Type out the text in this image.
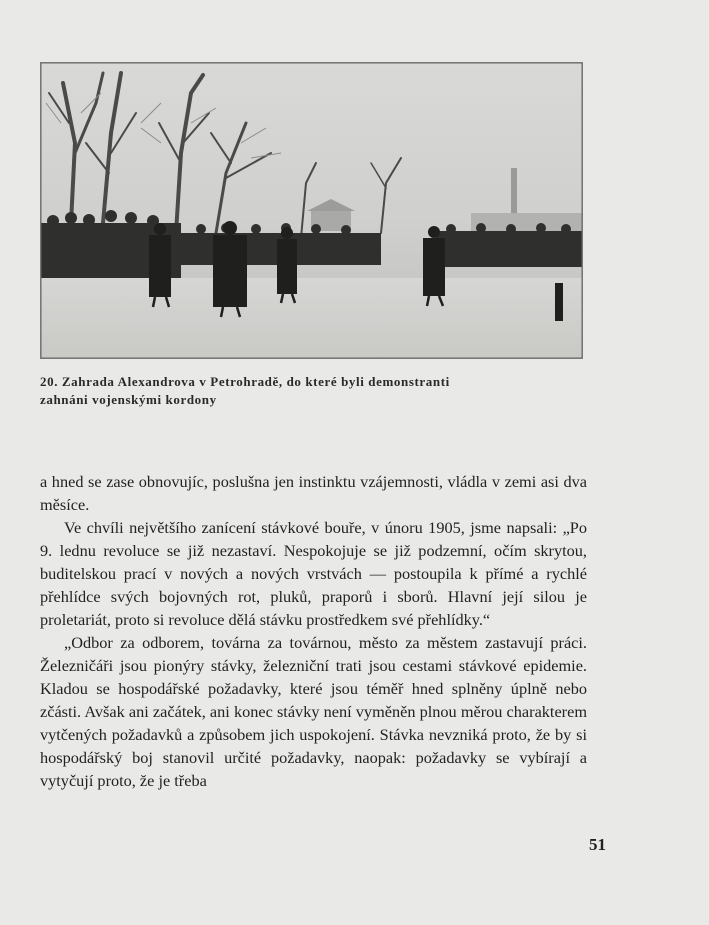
20. Zahrada Alexandrova v Petrohradě, do které byli demonstranti
zahnáni vojenskými kordony

a hned se zase obnovujíc, poslušna jen instinktu vzájemnosti, vládla v zemi asi dva měsíce.

Ve chvíli největšího zanícení stávkové bouře, v únoru 1905, jsme napsali: „Po 9. lednu revoluce se již nezastaví. Nespokojuje se již podzemní, očím skrytou, buditelskou prací v nových a nových vrstvách — postoupila k přímé a rychlé přehlídce svých bojovných rot, pluků, praporů i sborů. Hlavní její silou je proletariát, proto si revoluce dělá stávku prostředkem své přehlídky.“

„Odbor za odborem, továrna za továrnou, město za městem zastavují práci. Železničáři jsou pionýry stávky, železniční trati jsou cestami stávkové epidemie. Kladou se hospodářské požadavky, které jsou téměř hned splněny úplně nebo zčásti. Avšak ani začátek, ani konec stávky není vyměněn plnou měrou charakterem vytčených požadavků a způsobem jich uspokojení. Stávka nevzniká proto, že by si hospodářský boj stanovil určité požadavky, naopak: požadavky se vybírají a vytyčují proto, že je třeba

51
